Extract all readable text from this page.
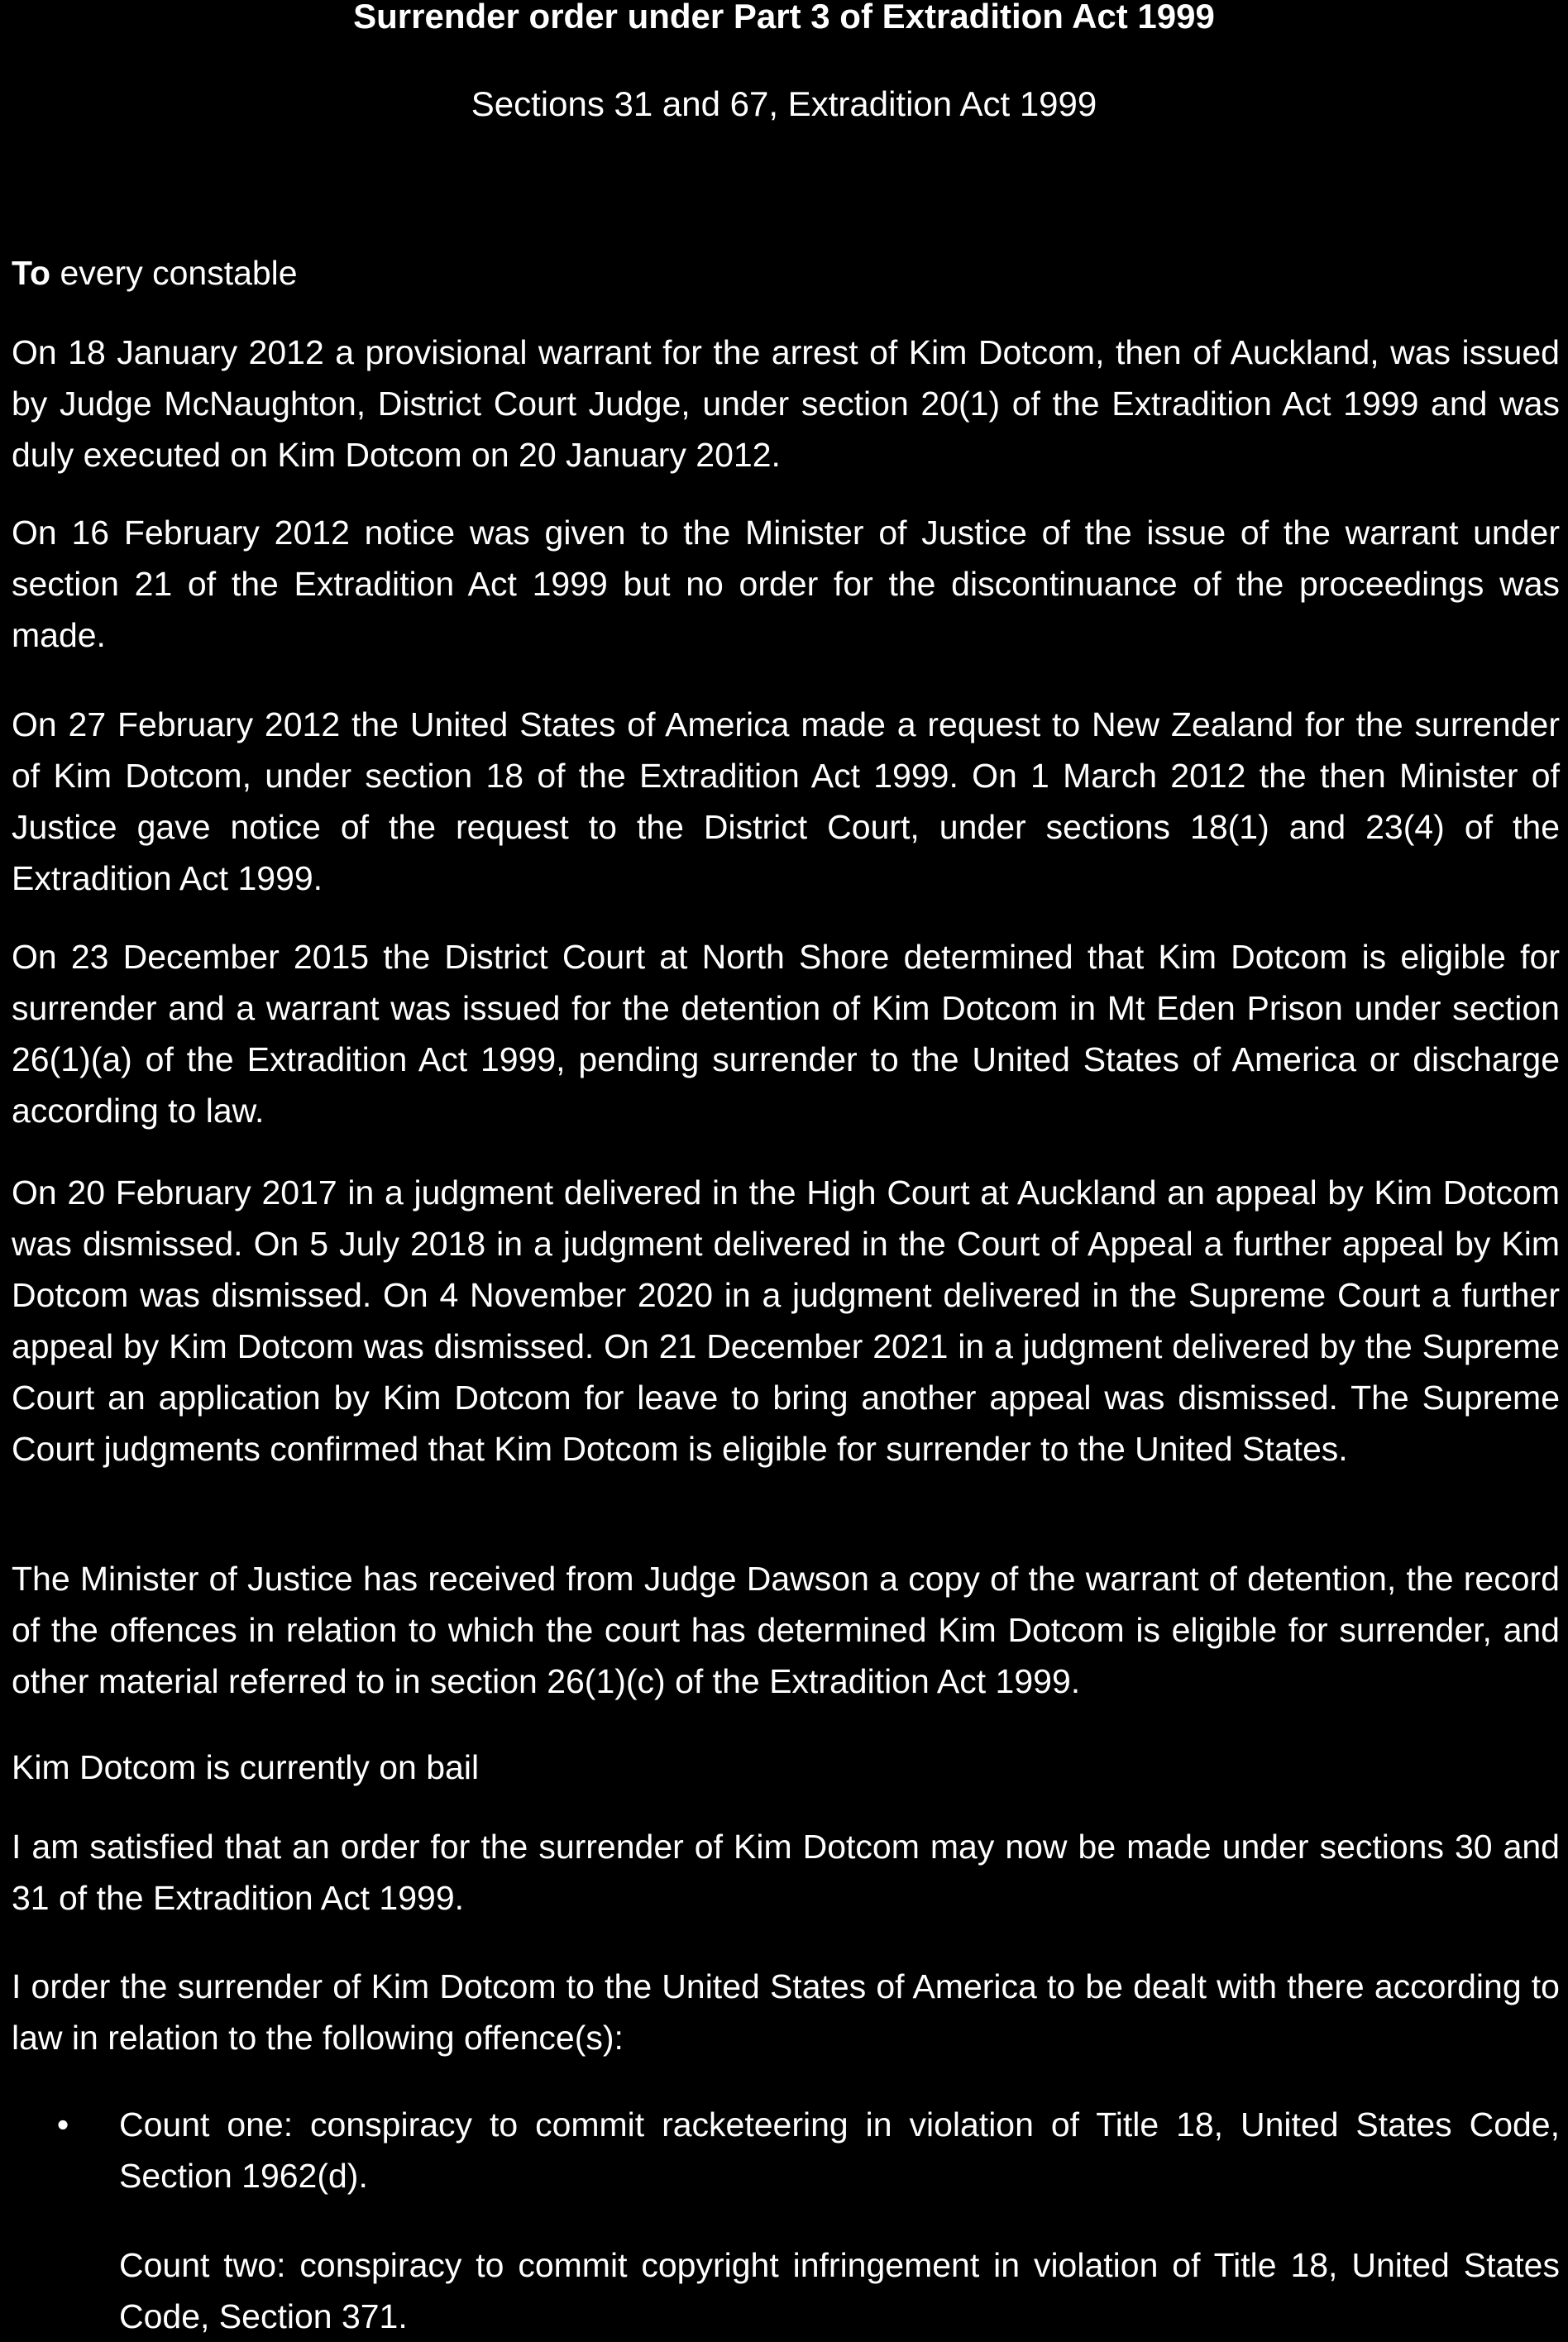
Surrender order under Part 3 of Extradition Act 1999
Sections 31 and 67, Extradition Act 1999

To every constable

On 18 January 2012 a provisional warrant for the arrest of Kim Dotcom, then of Auckland, was issued by Judge McNaughton, District Court Judge, under section 20(1) of the Extradition Act 1999 and was duly executed on Kim Dotcom on 20 January 2012.

On 16 February 2012 notice was given to the Minister of Justice of the issue of the warrant under section 21 of the Extradition Act 1999 but no order for the discontinuance of the proceedings was made.

On 27 February 2012 the United States of America made a request to New Zealand for the surrender of Kim Dotcom, under section 18 of the Extradition Act 1999. On 1 March 2012 the then Minister of Justice gave notice of the request to the District Court, under sections 18(1) and 23(4) of the Extradition Act 1999.

On 23 December 2015 the District Court at North Shore determined that Kim Dotcom is eligible for surrender and a warrant was issued for the detention of Kim Dotcom in Mt Eden Prison under section 26(1)(a) of the Extradition Act 1999, pending surrender to the United States of America or discharge according to law.

On 20 February 2017 in a judgment delivered in the High Court at Auckland an appeal by Kim Dotcom was dismissed. On 5 July 2018 in a judgment delivered in the Court of Appeal a further appeal by Kim Dotcom was dismissed. On 4 November 2020 in a judgment delivered in the Supreme Court a further appeal by Kim Dotcom was dismissed. On 21 December 2021 in a judgment delivered by the Supreme Court an application by Kim Dotcom for leave to bring another appeal was dismissed. The Supreme Court judgments confirmed that Kim Dotcom is eligible for surrender to the United States.

The Minister of Justice has received from Judge Dawson a copy of the warrant of detention, the record of the offences in relation to which the court has determined Kim Dotcom is eligible for surrender, and other material referred to in section 26(1)(c) of the Extradition Act 1999.

Kim Dotcom is currently on bail

I am satisfied that an order for the surrender of Kim Dotcom may now be made under sections 30 and 31 of the Extradition Act 1999.

I order the surrender of Kim Dotcom to the United States of America to be dealt with there according to law in relation to the following offence(s):

• Count one: conspiracy to commit racketeering in violation of Title 18, United States Code, Section 1962(d).
Count two: conspiracy to commit copyright infringement in violation of Title 18, United States Code, Section 371.
